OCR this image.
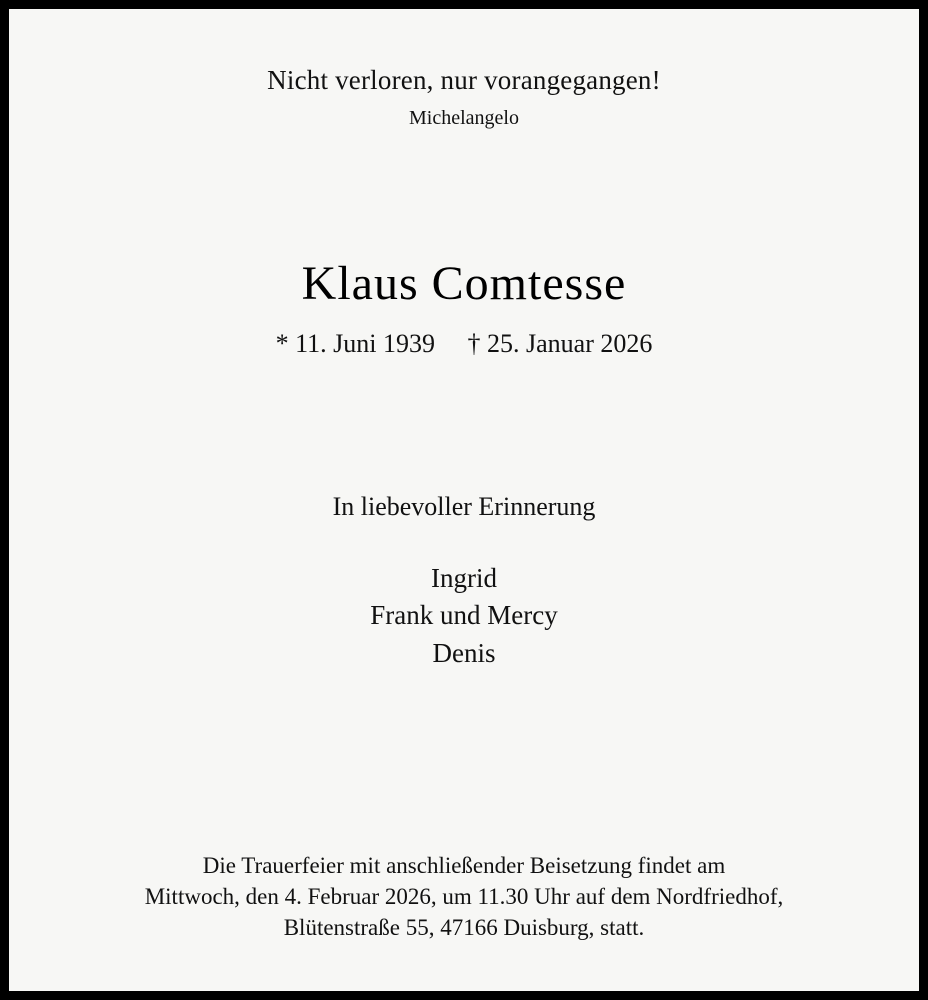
Nicht verloren, nur vorangegangen!
Michelangelo
Klaus Comtesse
* 11. Juni 1939     † 25. Januar 2026
In liebevoller Erinnerung
Ingrid
Frank und Mercy
Denis
Die Trauerfeier mit anschließender Beisetzung findet am
Mittwoch, den 4. Februar 2026, um 11.30 Uhr auf dem Nordfriedhof,
Blütenstraße 55, 47166 Duisburg, statt.
